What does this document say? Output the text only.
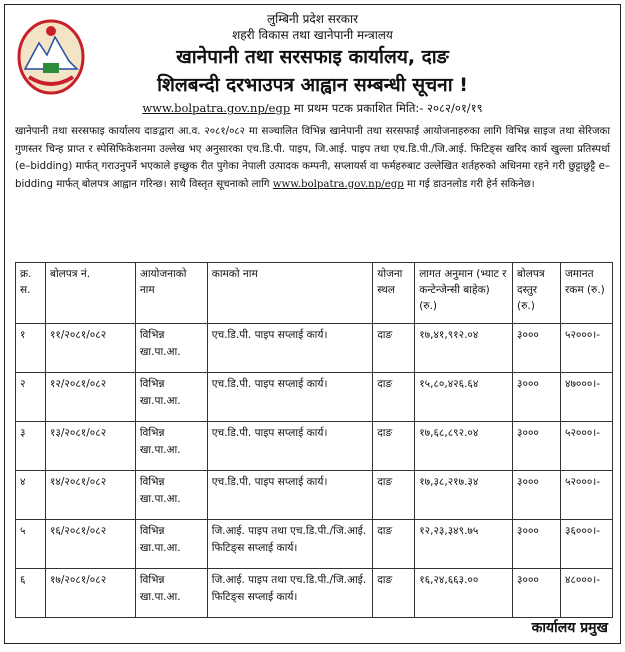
लुम्बिनी प्रदेश सरकार
शहरी विकास तथा खानेपानी मन्त्रालय
खानेपानी तथा सरसफाइ कार्यालय, दाङ
शिलबन्दी दरभाउपत्र आह्वान सम्बन्धी सूचना !
www.bolpatra.gov.np/egp मा प्रथम पटक प्रकाशित मिति:- २०८२/०१/१९
खानेपानी तथा सरसफाइ कार्यालय दाङद्वारा आ.व. २०८१/०८२ मा सञ्चालित विभिन्न खानेपानी तथा सरसफाई आयोजनाहरुका लागि विभिन्न साइज तथा सेरिजका गुणस्तर चिन्ह प्राप्त र स्पेसिफिकेशनमा उल्लेख भए अनुसारका एच.डि.पी. पाइप, जि.आई. पाइप तथा एच.डि.पी./जि.आई. फिटिङ्स खरिद कार्य खुल्ला प्रतिस्पर्धा (e–bidding) मार्फत् गराउनुपर्ने भएकाले इच्छुक रीत पुगेका नेपाली उत्पादक कम्पनी, सप्लायर्स वा फर्महरुबाट उल्लेखित शर्तहरुको अधिनमा रहने गरी छुट्टाछुट्टै e–bidding मार्फत् बोलपत्र आह्वान गरिन्छ। साथै विस्तृत सूचनाको लागि www.bolpatra.gov.np/egp मा गई डाउनलोड गरी हेर्न सकिनेछ।
क्र. स.	बोलपत्र नं.	आयोजनाको नाम	कामको नाम	योजना स्थल	लागत अनुमान (भ्याट र कन्टेन्जेन्सी बाहेक) (रु.)	बोलपत्र दस्तुर (रु.)	जमानत रकम (रु.)
१	११/२०८१/०८२	विभिन्न खा.पा.आ.	एच.डि.पी. पाइप सप्लाई कार्य।	दाङ	१७,४१,९१२.०४	३०००	५२०००।-
२	१२/२०८१/०८२	विभिन्न खा.पा.आ.	एच.डि.पी. पाइप सप्लाई कार्य।	दाङ	१५,८०,४२६.६४	३०००	४७०००।-
३	१३/२०८१/०८२	विभिन्न खा.पा.आ.	एच.डि.पी. पाइप सप्लाई कार्य।	दाङ	१७,६८,८९२.०४	३०००	५२०००।-
४	१४/२०८१/०८२	विभिन्न खा.पा.आ.	एच.डि.पी. पाइप सप्लाई कार्य।	दाङ	१७,३८,२१७.३४	३०००	५२०००।-
५	१६/२०८१/०८२	विभिन्न खा.पा.आ.	जि.आई. पाइप तथा एच.डि.पी./जि.आई. फिटिङ्स सप्लाई कार्य।	दाङ	१२,२३,३४९.७५	३०००	३६०००।-
६	१७/२०८१/०८२	विभिन्न खा.पा.आ.	जि.आई. पाइप तथा एच.डि.पी./जि.आई. फिटिङ्स सप्लाई कार्य।	दाङ	१६,२४,६६३.००	३०००	४८०००।-
कार्यालय प्रमुख
